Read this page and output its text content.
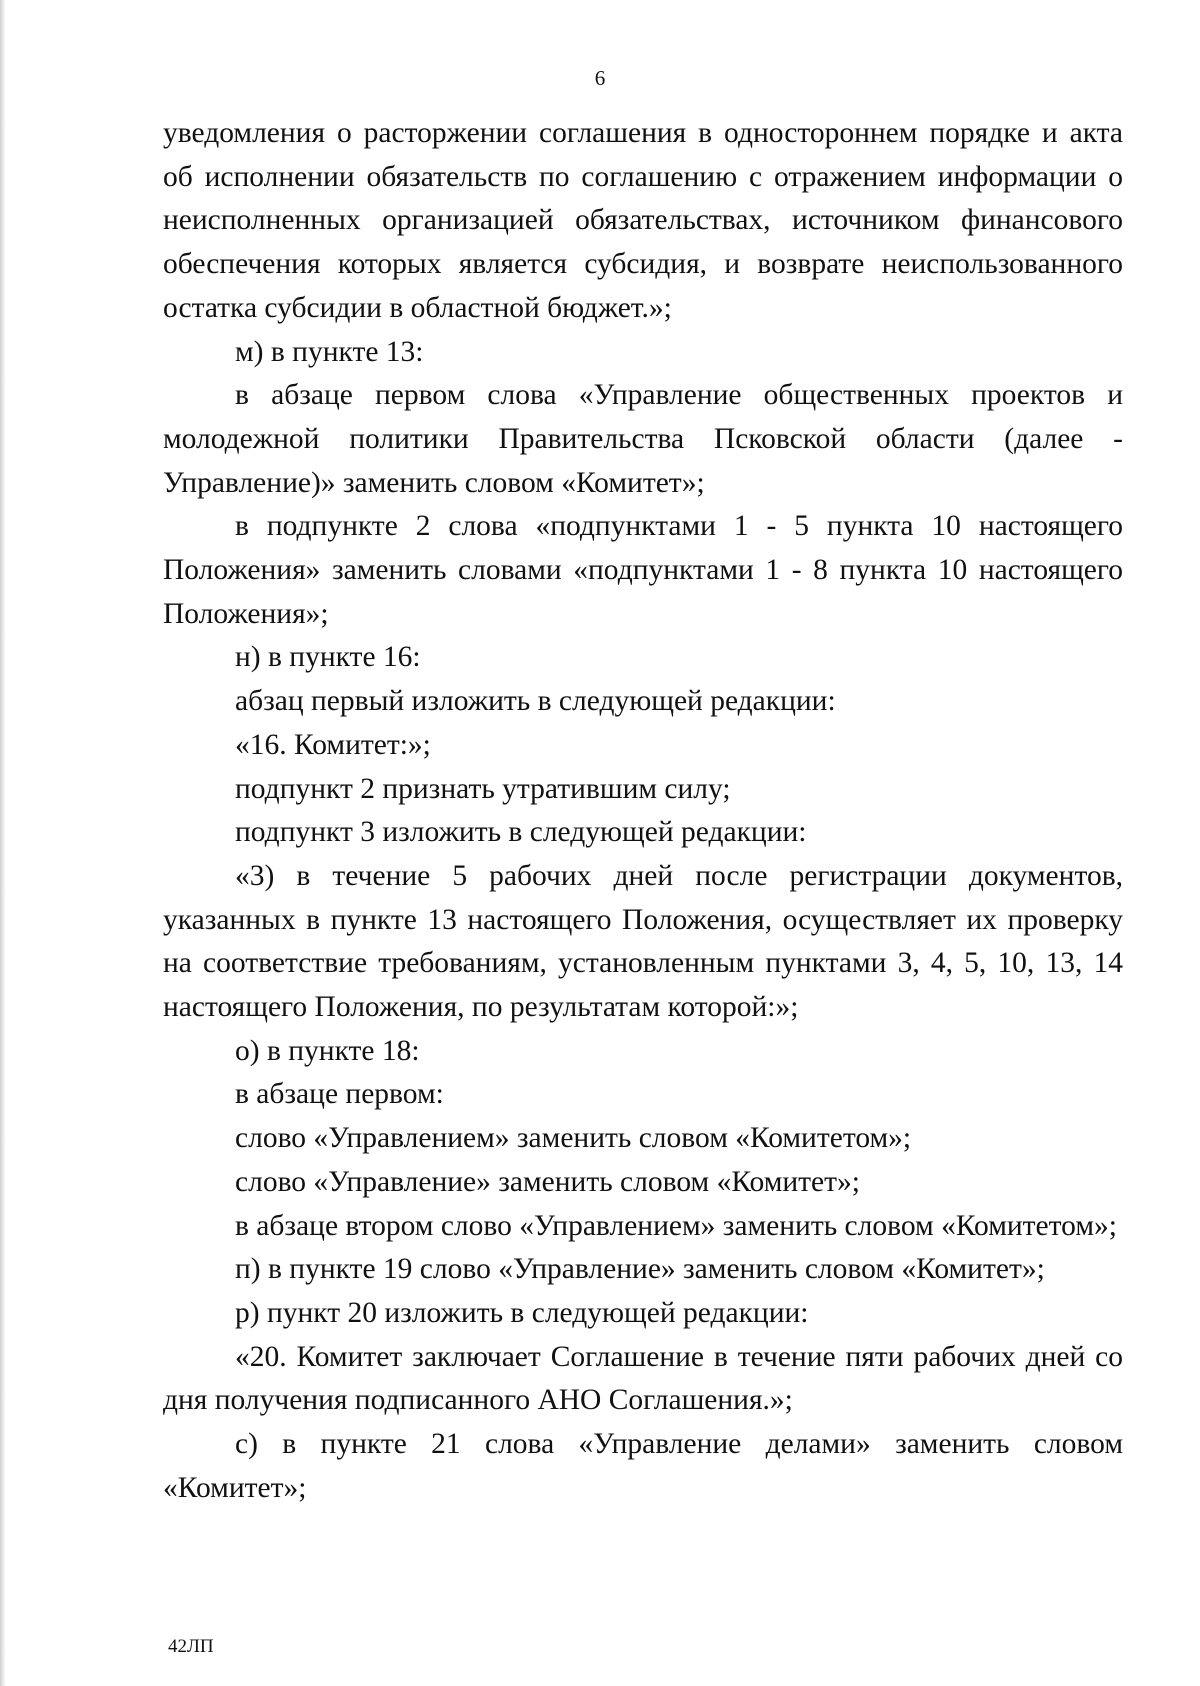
6

уведомления о расторжении соглашения в одностороннем порядке и акта об исполнении обязательств по соглашению с отражением информации о неисполненных организацией обязательствах, источником финансового обеспечения которых является субсидия, и возврате неиспользованного остатка субсидии в областной бюджет.»;

м) в пункте 13:

в абзаце первом слова «Управление общественных проектов и молодежной политики Правительства Псковской области (далее - Управление)» заменить словом «Комитет»;

в подпункте 2 слова «подпунктами 1 - 5 пункта 10 настоящего Положения» заменить словами «подпунктами 1 - 8 пункта 10 настоящего Положения»;

н) в пункте 16:

абзац первый изложить в следующей редакции:

«16. Комитет:»;

подпункт 2 признать утратившим силу;

подпункт 3 изложить в следующей редакции:

«3) в течение 5 рабочих дней после регистрации документов, указанных в пункте 13 настоящего Положения, осуществляет их проверку на соответствие требованиям, установленным пунктами 3, 4, 5, 10, 13, 14 настоящего Положения, по результатам которой:»;

о) в пункте 18:

в абзаце первом:

слово «Управлением» заменить словом «Комитетом»;

слово «Управление» заменить словом «Комитет»;

в абзаце втором слово «Управлением» заменить словом «Комитетом»;

п) в пункте 19 слово «Управление» заменить словом «Комитет»;

р) пункт 20 изложить в следующей редакции:

«20. Комитет заключает Соглашение в течение пяти рабочих дней со дня получения подписанного АНО Соглашения.»;

с) в пункте 21 слова «Управление делами» заменить словом «Комитет»;

42ЛП
